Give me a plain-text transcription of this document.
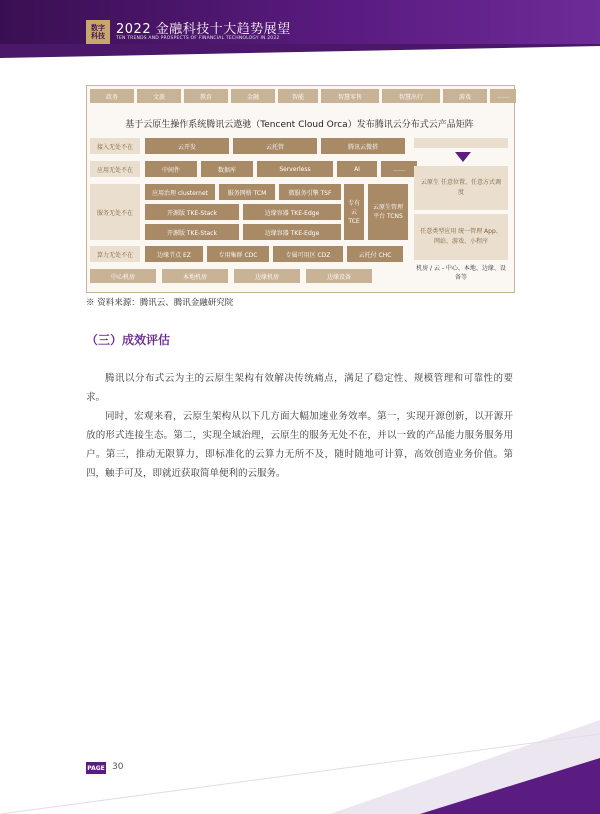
数字
科技 2022 金融科技十大趋势展望
TEN TRENDS AND PROSPECTS OF FINANCIAL TECHNOLOGY IN 2022
政务	文旅	教育	金融	智能	智慧零售	智慧出行	游戏	……
基于云原生操作系统腾讯云遨驰（Tencent Cloud Orca）发布腾讯云分布式云产品矩阵
接入无处不在
应用无处不在
服务无处不在
算力无处不在
云开发	云托管	腾讯云微搭
中间件	数据库	Serverless	AI	……
应用治理 clusternet	服务网格 TCM	微服务引擎 TSF
开源版 TKE-Stack	边缘容器 TKE-Edge
开源版 TKE-Stack	边缘容器 TKE-Edge
专有云 TCE
云原生管理平台 TCNS
边缘节点 EZ	专用集群 CDC	专属可用区 CDZ	云托付 CHC
中心机房	本地机房	边缘机房	边缘设备
云原生 任意位置、任意方式调度
任意类型应用 统一管理 App、网站、游戏、小程序
机房 / 云 - 中心、本地、边缘、设备等
※ 资料来源：腾讯云、腾讯金融研究院
（三）成效评估

腾讯以分布式云为主的云原生架构有效解决传统痛点，满足了稳定性、规模管理和可靠性的要求。

同时，宏观来看，云原生架构从以下几方面大幅加速业务效率。第一，实现开源创新，以开源开放的形式连接生态。第二，实现全域治理，云原生的服务无处不在，并以一致的产品能力服务服务用户。第三，推动无限算力，即标准化的云算力无所不及，随时随地可计算，高效创造业务价值。第四，触手可及，即就近获取简单便利的云服务。

PAGE 30
